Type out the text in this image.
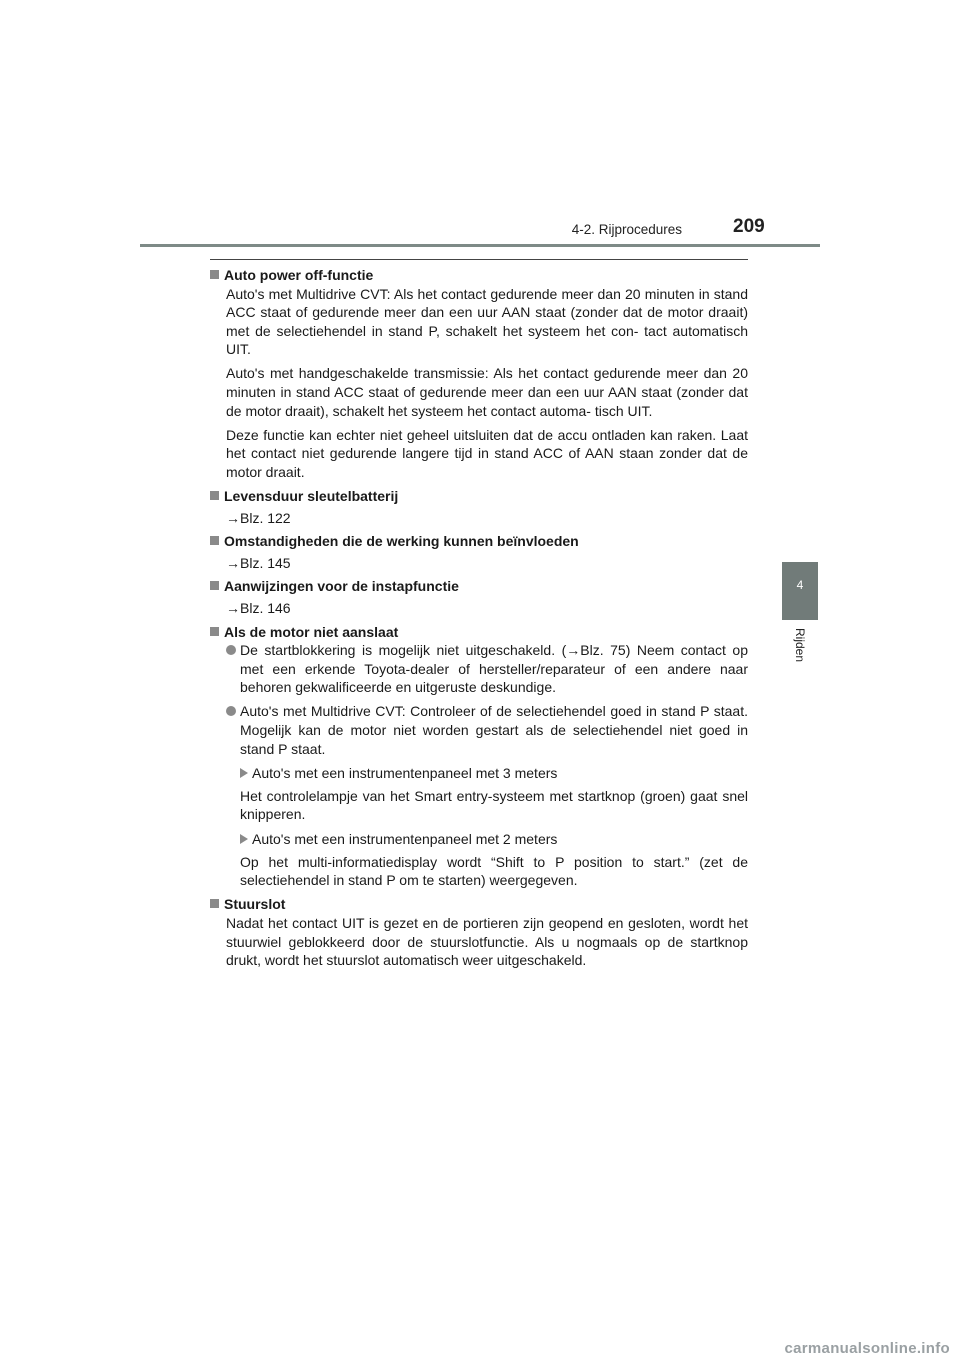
4-2. Rijprocedures	209
4
Rijden
Auto power off-functie
Auto's met Multidrive CVT: Als het contact gedurende meer dan 20 minuten in stand ACC staat of gedurende meer dan een uur AAN staat (zonder dat de motor draait) met de selectiehendel in stand P, schakelt het systeem het con- tact automatisch UIT.
Auto's met handgeschakelde transmissie: Als het contact gedurende meer dan 20 minuten in stand ACC staat of gedurende meer dan een uur AAN staat (zonder dat de motor draait), schakelt het systeem het contact automa- tisch UIT.
Deze functie kan echter niet geheel uitsluiten dat de accu ontladen kan raken. Laat het contact niet gedurende langere tijd in stand ACC of AAN staan zonder dat de motor draait.
Levensduur sleutelbatterij
→Blz. 122
Omstandigheden die de werking kunnen beïnvloeden
→Blz. 145
Aanwijzingen voor de instapfunctie
→Blz. 146
Als de motor niet aanslaat
De startblokkering is mogelijk niet uitgeschakeld. (→Blz. 75) Neem contact op met een erkende Toyota-dealer of hersteller/reparateur of een andere naar behoren gekwalificeerde en uitgeruste deskundige.
Auto's met Multidrive CVT: Controleer of de selectiehendel goed in stand P staat. Mogelijk kan de motor niet worden gestart als de selectiehendel niet goed in stand P staat.
Auto's met een instrumentenpaneel met 3 meters
Het controlelampje van het Smart entry-systeem met startknop (groen) gaat snel knipperen.
Auto's met een instrumentenpaneel met 2 meters
Op het multi-informatiedisplay wordt “Shift to P position to start.” (zet de selectiehendel in stand P om te starten) weergegeven.
Stuurslot
Nadat het contact UIT is gezet en de portieren zijn geopend en gesloten, wordt het stuurwiel geblokkeerd door de stuurslotfunctie. Als u nogmaals op de startknop drukt, wordt het stuurslot automatisch weer uitgeschakeld.
carmanualsonline.info
